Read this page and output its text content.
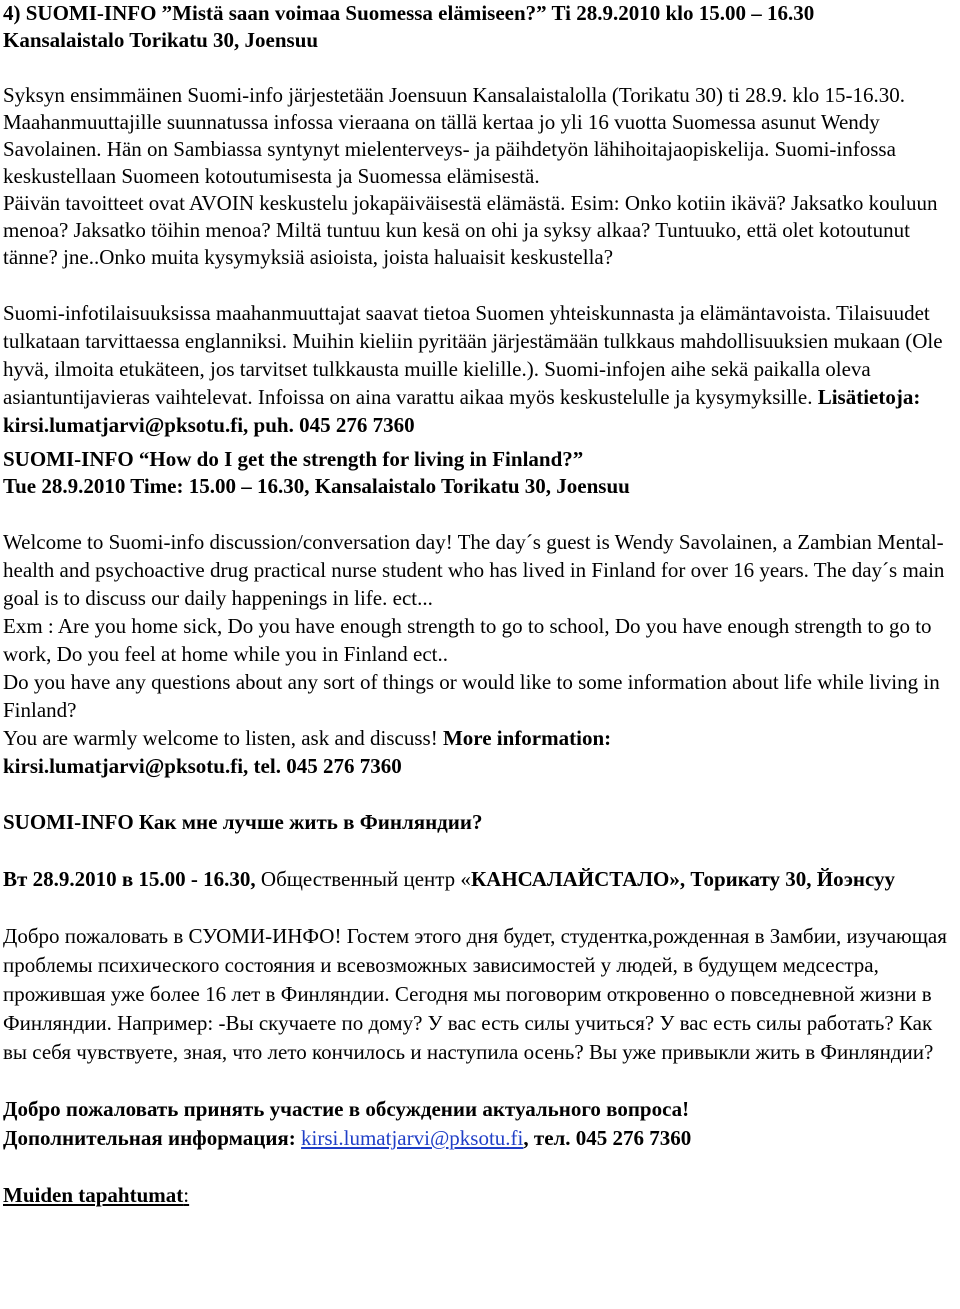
4) SUOMI-INFO ”Mistä saan voimaa Suomessa elämiseen?” Ti 28.9.2010 klo 15.00 – 16.30

Kansalaistalo Torikatu 30, Joensuu

Syksyn ensimmäinen Suomi-info järjestetään Joensuun Kansalaistalolla (Torikatu 30) ti 28.9. klo 15-16.30. Maahanmuuttajille suunnatussa infossa vieraana on tällä kertaa jo yli 16 vuotta Suomessa asunut Wendy Savolainen. Hän on Sambiassa syntynyt mielenterveys- ja päihdetyön lähihoitajaopiskelija. Suomi-infossa keskustellaan Suomeen kotoutumisesta ja Suomessa elämisestä.

Päivän tavoitteet ovat AVOIN keskustelu jokapäiväisestä elämästä. Esim: Onko kotiin ikävä? Jaksatko kouluun menoa? Jaksatko töihin menoa? Miltä tuntuu kun kesä on ohi ja syksy alkaa? Tuntuuko, että olet kotoutunut tänne? jne..Onko muita kysymyksiä asioista, joista haluaisit keskustella?

Suomi-infotilaisuuksissa maahanmuuttajat saavat tietoa Suomen yhteiskunnasta ja elämäntavoista. Tilaisuudet tulkataan tarvittaessa englanniksi. Muihin kieliin pyritään järjestämään tulkkaus mahdollisuuksien mukaan (Ole hyvä, ilmoita etukäteen, jos tarvitset tulkkausta muille kielille.). Suomi-infojen aihe sekä paikalla oleva asiantuntijavieras vaihtelevat. Infoissa on aina varattu aikaa myös keskustelulle ja kysymyksille. Lisätietoja: kirsi.lumatjarvi@pksotu.fi, puh. 045 276 7360

SUOMI-INFO “How do I get the strength for living in Finland?”

Tue 28.9.2010 Time: 15.00 – 16.30, Kansalaistalo Torikatu 30, Joensuu

Welcome to Suomi-info discussion/conversation day! The day´s guest is Wendy Savolainen, a Zambian Mental- health and psychoactive drug practical nurse student who has lived in Finland for over 16 years. The day´s main goal is to discuss our daily happenings in life. ect...

Exm : Are you home sick, Do you have enough strength to go to school, Do you have enough strength to go to work, Do you feel at home while you in Finland ect..

Do you have any questions about any sort of things or would like to some information about life while living in Finland?

You are warmly welcome to listen, ask and discuss! More information:

kirsi.lumatjarvi@pksotu.fi, tel. 045 276 7360

SUOMI-INFO Как мне лучше жить в Финляндии?

Вт 28.9.2010 в 15.00 - 16.30, Общественный центр «КАНСАЛАЙСТАЛО», Торикату 30, Йоэнсуу

Добро пожаловать в СУОМИ-ИНФО! Гостем этого дня будет, студентка,рожденная в Замбии, изучающая проблемы психического состояния и всевозможных зависимостей у людей, в будущем медсестра, прожившая уже более 16 лет в Финляндии. Сегодня мы поговорим откровенно о повседневной жизни в Финляндии. Например: -Вы скучаете по дому? У вас есть силы учиться? У вас есть силы работать? Как вы себя чувствуете, зная, что лето кончилось и наступила осень? Вы уже привыкли жить в Финляндии?

Добро пожаловать принять участие в обсуждении актуального вопроса!

Дополнительная информация: kirsi.lumatjarvi@pksotu.fi, тел. 045 276 7360

Muiden tapahtumat:
